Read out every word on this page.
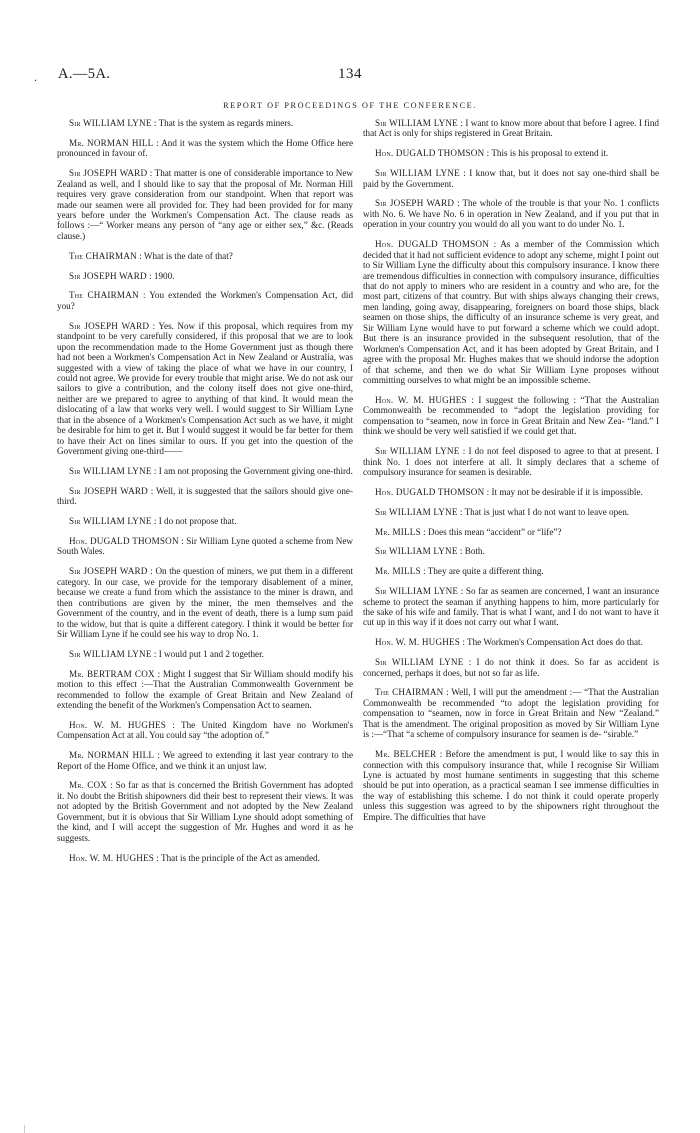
. A.—5A.	134
REPORT OF PROCEEDINGS OF THE CONFERENCE.

Sir WILLIAM LYNE : That is the system as regards miners.

Mr. NORMAN HILL : And it was the system which the Home Office here pronounced in favour of.

Sir JOSEPH WARD : That matter is one of considerable importance to New Zealand as well, and I should like to say that the proposal of Mr. Norman Hill requires very grave consideration from our standpoint. When that report was made our seamen were all provided for. They had been provided for for many years before under the Workmen's Compensation Act. The clause reads as follows :—“ Worker means any person of “any age or either sex,” &c. (Reads clause.)

The CHAIRMAN : What is the date of that?

Sir JOSEPH WARD : 1900.

The CHAIRMAN : You extended the Workmen's Compensation Act, did you?

Sir JOSEPH WARD : Yes. Now if this proposal, which requires from my standpoint to be very carefully considered, if this proposal that we are to look upon the recommendation made to the Home Government just as though there had not been a Workmen's Compensation Act in New Zealand or Australia, was suggested with a view of taking the place of what we have in our country, I could not agree. We provide for every trouble that might arise. We do not ask our sailors to give a contribution, and the colony itself does not give one-third, neither are we prepared to agree to anything of that kind. It would mean the dislocating of a law that works very well. I would suggest to Sir William Lyne that in the absence of a Workmen's Compensation Act such as we have, it might be desirable for him to get it. But I would suggest it would be far better for them to have their Act on lines similar to ours. If you get into the question of the Government giving one-third——

Sir WILLIAM LYNE : I am not proposing the Government giving one-third.

Sir JOSEPH WARD : Well, it is suggested that the sailors should give one-third.

Sir WILLIAM LYNE : I do not propose that.

Hon. DUGALD THOMSON : Sir William Lyne quoted a scheme from New South Wales.

Sir JOSEPH WARD : On the question of miners, we put them in a different category. In our case, we provide for the temporary disablement of a miner, because we create a fund from which the assistance to the miner is drawn, and then contributions are given by the miner, the men themselves and the Government of the country, and in the event of death, there is a lump sum paid to the widow, but that is quite a different category. I think it would be better for Sir William Lyne if he could see his way to drop No. 1.

Sir WILLIAM LYNE : I would put 1 and 2 together.

Mr. BERTRAM COX : Might I suggest that Sir William should modify his motion to this effect :—That the Australian Commonwealth Government be recommended to follow the example of Great Britain and New Zealand of extending the benefit of the Workmen's Compensation Act to seamen.

Hon. W. M. HUGHES : The United Kingdom have no Workmen's Compensation Act at all. You could say “the adoption of.”

Mr. NORMAN HILL : We agreed to extending it last year contrary to the Report of the Home Office, and we think it an unjust law.

Mr. COX : So far as that is concerned the British Government has adopted it. No doubt the British shipowners did their best to represent their views. It was not adopted by the British Government and not adopted by the New Zealand Government, but it is obvious that Sir William Lyne should adopt something of the kind, and I will accept the suggestion of Mr. Hughes and word it as he suggests.

Hon. W. M. HUGHES : That is the principle of the Act as amended.

Sir WILLIAM LYNE : I want to know more about that before I agree. I find that Act is only for ships registered in Great Britain.

Hon. DUGALD THOMSON : This is his proposal to extend it.

Sir WILLIAM LYNE : I know that, but it does not say one-third shall be paid by the Government.

Sir JOSEPH WARD : The whole of the trouble is that your No. 1 conflicts with No. 6. We have No. 6 in operation in New Zealand, and if you put that in operation in your country you would do all you want to do under No. 1.

Hon. DUGALD THOMSON : As a member of the Commission which decided that it had not sufficient evidence to adopt any scheme, might I point out to Sir William Lyne the difficulty about this compulsory insurance. I know there are tremendous difficulties in connection with compulsory insurance, difficulties that do not apply to miners who are resident in a country and who are, for the most part, citizens of that country. But with ships always changing their crews, men landing, going away, disappearing, foreigners on board those ships, black seamen on those ships, the difficulty of an insurance scheme is very great, and Sir William Lyne would have to put forward a scheme which we could adopt. But there is an insurance provided in the subsequent resolution, that of the Workmen's Compensation Act, and it has been adopted by Great Britain, and I agree with the proposal Mr. Hughes makes that we should indorse the adoption of that scheme, and then we do what Sir William Lyne proposes without committing ourselves to what might be an impossible scheme.

Hon. W. M. HUGHES : I suggest the following : “That the Australian Commonwealth be recommended to “adopt the legislation providing for compensation to “seamen, now in force in Great Britain and New Zea- “land.” I think we should be very well satisfied if we could get that.

Sir WILLIAM LYNE : I do not feel disposed to agree to that at present. I think No. 1 does not interfere at all. It simply declares that a scheme of compulsory insurance for seamen is desirable.

Hon. DUGALD THOMSON : It may not be desirable if it is impossible.

Sir WILLIAM LYNE : That is just what I do not want to leave open.

Mr. MILLS : Does this mean “accident” or “life”?

Sir WILLIAM LYNE : Both.

Mr. MILLS : They are quite a different thing.

Sir WILLIAM LYNE : So far as seamen are concerned, I want an insurance scheme to protect the seaman if anything happens to him, more particularly for the sake of his wife and family. That is what I want, and I do not want to have it cut up in this way if it does not carry out what I want.

Hon. W. M. HUGHES : The Workmen's Compensation Act does do that.

Sir WILLIAM LYNE : I do not think it does. So far as accident is concerned, perhaps it does, but not so far as life.

The CHAIRMAN : Well, I will put the amendment :— “That the Australian Commonwealth be recommended “to adopt the legislation providing for compensation to “seamen, now in force in Great Britain and New “Zealand.” That is the amendment. The original proposition as moved by Sir William Lyne is :—“That “a scheme of compulsory insurance for seamen is de- “sirable.”

Mr. BELCHER : Before the amendment is put, I would like to say this in connection with this compulsory insurance that, while I recognise Sir William Lyne is actuated by most humane sentiments in suggesting that this scheme should be put into operation, as a practical seaman I see immense difficulties in the way of establishing this scheme. I do not think it could operate properly unless this suggestion was agreed to by the shipowners right throughout the Empire. The difficulties that have
